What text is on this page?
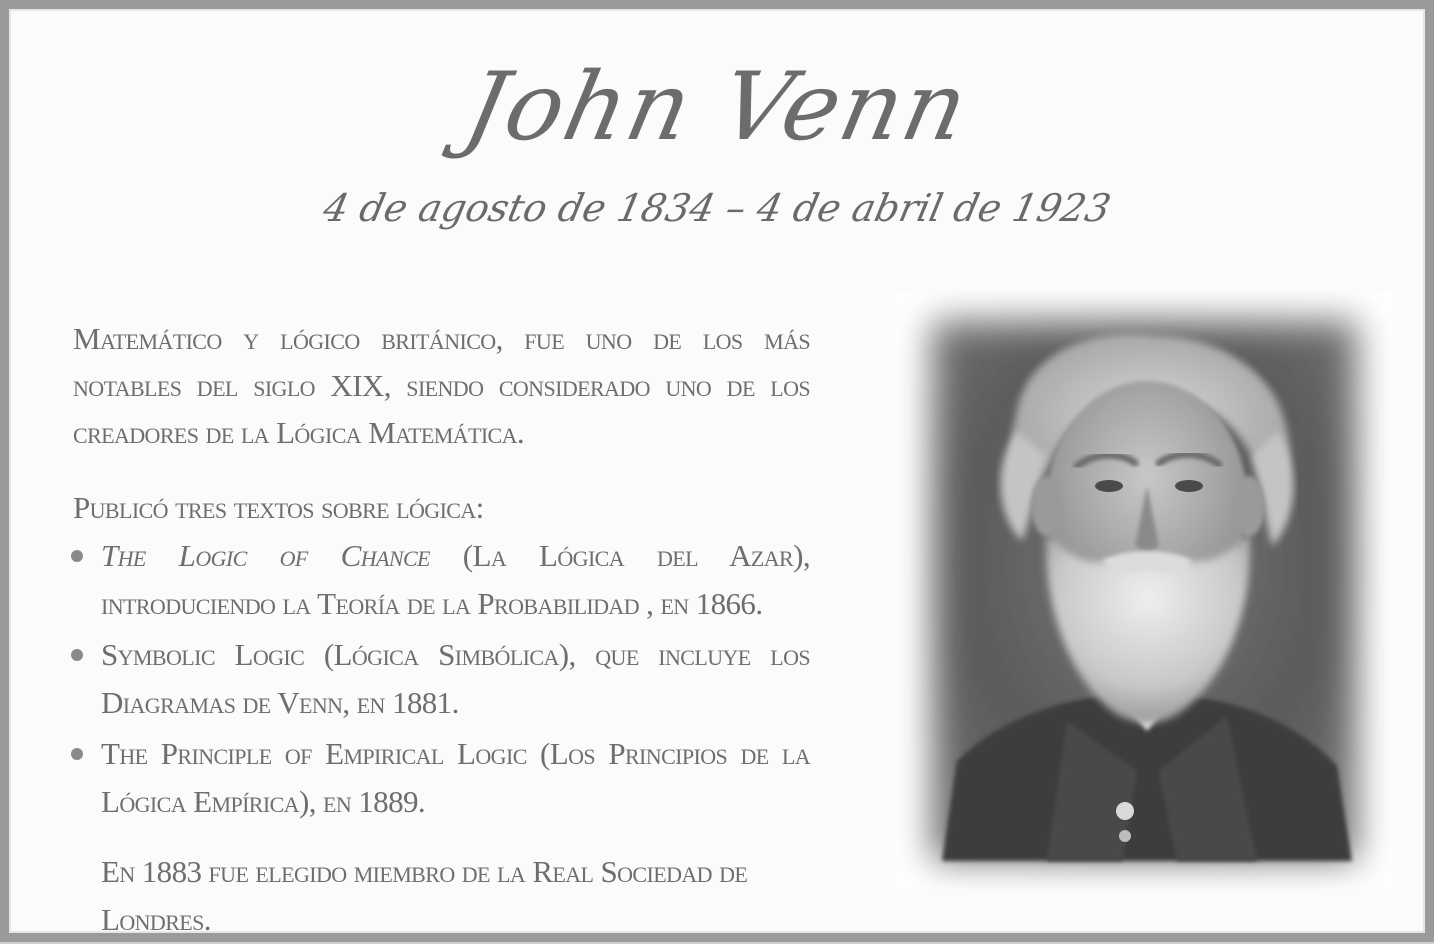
John Venn
4 de agosto de 1834 – 4 de abril de 1923

Matemático y lógico británico, fue uno de los más notables del siglo XIX, siendo considerado uno de los creadores de la Lógica Matemática.

Publicó tres textos sobre lógica:

The Logic of Chance (La Lógica del Azar), introduciendo la Teoría de la Probabilidad , en 1866.
Symbolic Logic (Lógica Simbólica), que incluye los Diagramas de Venn, en 1881.
The Principle of Empirical Logic (Los Principios de la Lógica Empírica), en 1889.

En 1883 fue elegido miembro de la Real Sociedad de Londres.
